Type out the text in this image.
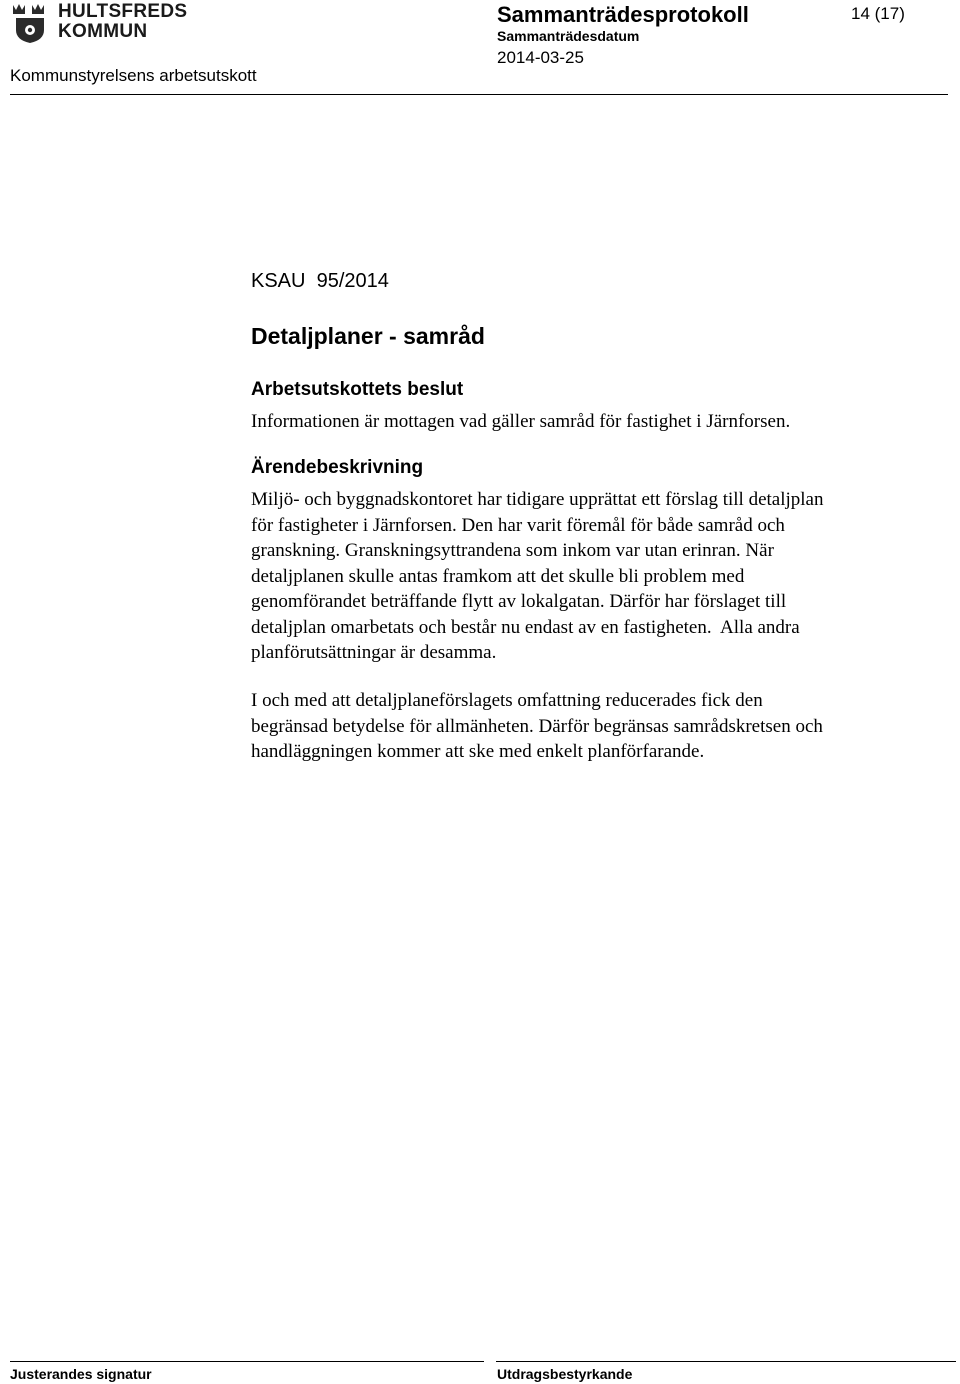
HULTSFREDS
KOMMUN
Kommunstyrelsens arbetsutskott
Sammanträdesprotokoll
Sammanträdesdatum
2014-03-25
14 (17)
KSAU  95/2014
Detaljplaner - samråd
Arbetsutskottets beslut
Informationen är mottagen vad gäller samråd för fastighet i Järnforsen.
Ärendebeskrivning
Miljö- och byggnadskontoret har tidigare upprättat ett förslag till detaljplan
för fastigheter i Järnforsen. Den har varit föremål för både samråd och
granskning. Granskningsyttrandena som inkom var utan erinran. När
detaljplanen skulle antas framkom att det skulle bli problem med
genomförandet beträffande flytt av lokalgatan. Därför har förslaget till
detaljplan omarbetats och består nu endast av en fastigheten.  Alla andra
planförutsättningar är desamma.
I och med att detaljplaneförslagets omfattning reducerades fick den
begränsad betydelse för allmänheten. Därför begränsas samrådskretsen och
handläggningen kommer att ske med enkelt planförfarande.
Justerandes signatur	Utdragsbestyrkande
